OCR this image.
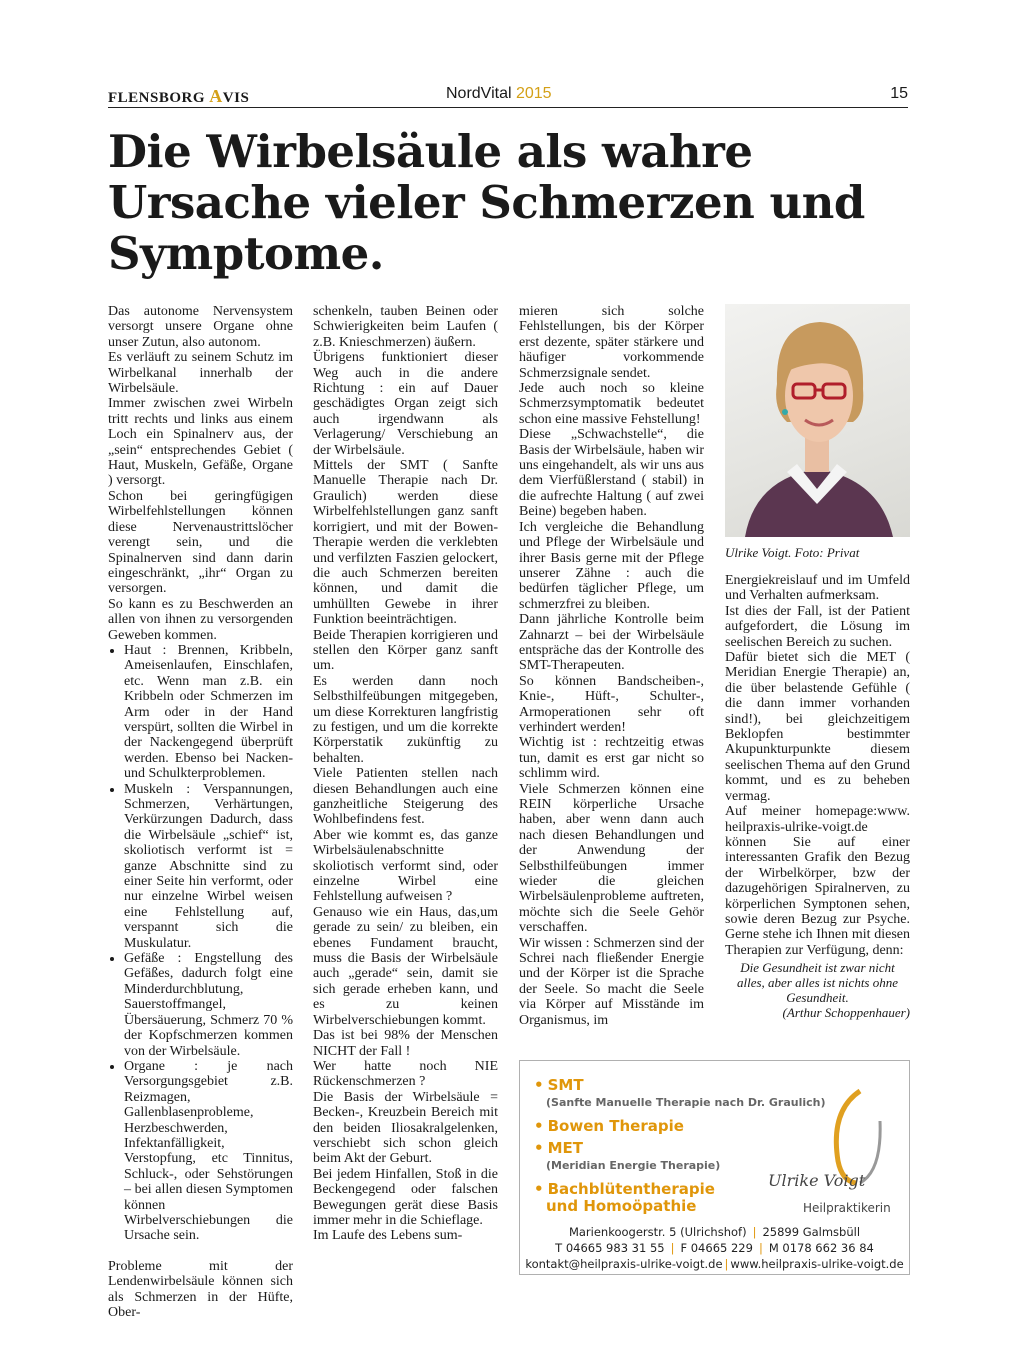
FLENSBORG AVIS	NordVital 2015	15
Die Wirbelsäule als wahre Ursache vieler Schmerzen und Symptome.

Das autonome Nervensystem versorgt unsere Organe ohne unser Zutun, also autonom.

Es verläuft zu seinem Schutz im Wirbelkanal innerhalb der Wirbelsäule.

Immer zwischen zwei Wirbeln tritt rechts und links aus einem Loch ein Spinalnerv aus, der „sein“ entsprechendes Gebiet ( Haut, Muskeln, Gefäße, Organe ) versorgt.

Schon bei geringfügigen Wirbelfehlstellungen können diese Nervenaustrittslöcher verengt sein, und die Spinalnerven sind dann darin eingeschränkt, „ihr“ Organ zu versorgen.

So kann es zu Beschwerden an allen von ihnen zu versorgenden Geweben kommen.

• Haut : Brennen, Kribbeln, Ameisenlaufen, Einschlafen, etc. Wenn man z.B. ein Kribbeln oder Schmerzen im Arm oder in der Hand verspürt, sollten die Wirbel in der Nackengegend überprüft werden. Ebenso bei Nacken- und Schulkterproblemen.
• Muskeln : Verspannungen, Schmerzen, Verhärtungen, Verkürzungen Dadurch, dass die Wirbelsäule „schief“ ist, skoliotisch verformt ist = ganze Abschnitte sind zu einer Seite hin verformt, oder nur einzelne Wirbel weisen eine Fehlstellung auf, verspannt sich die Muskulatur.
• Gefäße : Engstellung des Gefäßes, dadurch folgt eine Minderdurchblutung, Sauerstoffmangel, Übersäuerung, Schmerz 70 % der Kopfschmerzen kommen von der Wirbelsäule.
• Organe : je nach Versorgungsgebiet z.B. Reizmagen, Gallenblasenprobleme, Herzbeschwerden, Infektanfälligkeit, Verstopfung, etc Tinnitus, Schluck-, oder Sehstörungen – bei allen diesen Symptomen können Wirbelverschiebungen die Ursache sein.

Probleme mit der Lendenwirbelsäule können sich als Schmerzen in der Hüfte, Ober-

schenkeln, tauben Beinen oder Schwierigkeiten beim Laufen ( z.B. Knieschmerzen) äußern.

Übrigens funktioniert dieser Weg auch in die andere Richtung : ein auf Dauer geschädigtes Organ zeigt sich auch irgendwann als Verlagerung/ Verschiebung an der Wirbelsäule.

Mittels der SMT ( Sanfte Manuelle Therapie nach Dr. Graulich) werden diese Wirbelfehlstellungen ganz sanft korrigiert, und mit der Bowen-Therapie werden die verklebten und verfilzten Faszien gelockert, die auch Schmerzen bereiten können, und damit die umhüllten Gewebe in ihrer Funktion beeinträchtigen.

Beide Therapien korrigieren und stellen den Körper ganz sanft um.

Es werden dann noch Selbsthilfeübungen mitgegeben, um diese Korrekturen langfristig zu festigen, und um die korrekte Körperstatik zukünftig zu behalten.

Viele Patienten stellen nach diesen Behandlungen auch eine ganzheitliche Steigerung des Wohlbefindens fest.

Aber wie kommt es, das ganze Wirbelsäulenabschnitte skoliotisch verformt sind, oder einzelne Wirbel eine Fehlstellung aufweisen ?

Genauso wie ein Haus, das,um gerade zu sein/ zu bleiben, ein ebenes Fundament braucht, muss die Basis der Wirbelsäule auch „gerade“ sein, damit sie sich gerade erheben kann, und es zu keinen Wirbelverschiebungen kommt.

Das ist bei 98% der Menschen NICHT der Fall !

Wer hatte noch NIE Rückenschmerzen ?

Die Basis der Wirbelsäule = Becken-, Kreuzbein Bereich mit den beiden Iliosakralgelenken, verschiebt sich schon gleich beim Akt der Geburt.

Bei jedem Hinfallen, Stoß in die Beckengegend oder falschen Bewegungen gerät diese Basis immer mehr in die Schieflage.

Im Laufe des Lebens sum-

mieren sich solche Fehlstellungen, bis der Körper erst dezente, später stärkere und häufiger vorkommende Schmerzsignale sendet.

Jede auch noch so kleine Schmerzsymptomatik bedeutet schon eine massive Fehstellung!

Diese „Schwachstelle“, die Basis der Wirbelsäule, haben wir uns eingehandelt, als wir uns aus dem Vierfüßlerstand ( stabil) in die aufrechte Haltung ( auf zwei Beine) begeben haben.

Ich vergleiche die Behandlung und Pflege der Wirbelsäule und ihrer Basis gerne mit der Pflege unserer Zähne : auch die bedürfen täglicher Pflege, um schmerzfrei zu bleiben.

Dann jährliche Kontrolle beim Zahnarzt – bei der Wirbelsäule entspräche das der Kontrolle des SMT-Therapeuten.

So können Bandscheiben-, Knie-, Hüft-, Schulter-, Armoperationen sehr oft verhindert werden!

Wichtig ist : rechtzeitig etwas tun, damit es erst gar nicht so schlimm wird.

Viele Schmerzen können eine REIN körperliche Ursache haben, aber wenn dann auch nach diesen Behandlungen und der Anwendung der Selbsthilfeübungen immer wieder die gleichen Wirbelsäulenprobleme auftreten, möchte sich die Seele Gehör verschaffen.

Wir wissen : Schmerzen sind der Schrei nach fließender Energie und der Körper ist die Sprache der Seele. So macht die Seele via Körper auf Misstände im Organismus, im

Ulrike Voigt. Foto: Privat

Energiekreislauf und im Umfeld und Verhalten aufmerksam.

Ist dies der Fall, ist der Patient aufgefordert, die Lösung im seelischen Bereich zu suchen.

Dafür bietet sich die MET ( Meridian Energie Therapie) an, die über belastende Gefühle ( die dann immer vorhanden sind!), bei gleichzeitigem Beklopfen bestimmter Akupunkturpunkte diesem seelischen Thema auf den Grund kommt, und es zu beheben vermag.

Auf meiner homepage:www. heilpraxis-ulrike-voigt.de können Sie auf einer interessanten Grafik den Bezug der Wirbelkörper, bzw der dazugehörigen Spiralnerven, zu körperlichen Symptonen sehen, sowie deren Bezug zur Psyche. Gerne stehe ich Ihnen mit diesen Therapien zur Verfügung, denn:

Die Gesundheit ist zwar nicht alles, aber alles ist nichts ohne Gesundheit.
(Arthur Schoppenhauer)

• SMT
(Sanfte Manuelle Therapie nach Dr. Graulich)
• Bowen Therapie
• MET
(Meridian Energie Therapie)
• Bachblütentherapie
und Homoöpathie
Ulrike Voigt
Heilpraktikerin
Marienkoogerstr. 5 (Ulrichshof) | 25899 Galmsbüll
T 04665 983 31 55 | F 04665 229 | M 0178 662 36 84
kontakt@heilpraxis-ulrike-voigt.de | www.heilpraxis-ulrike-voigt.de
